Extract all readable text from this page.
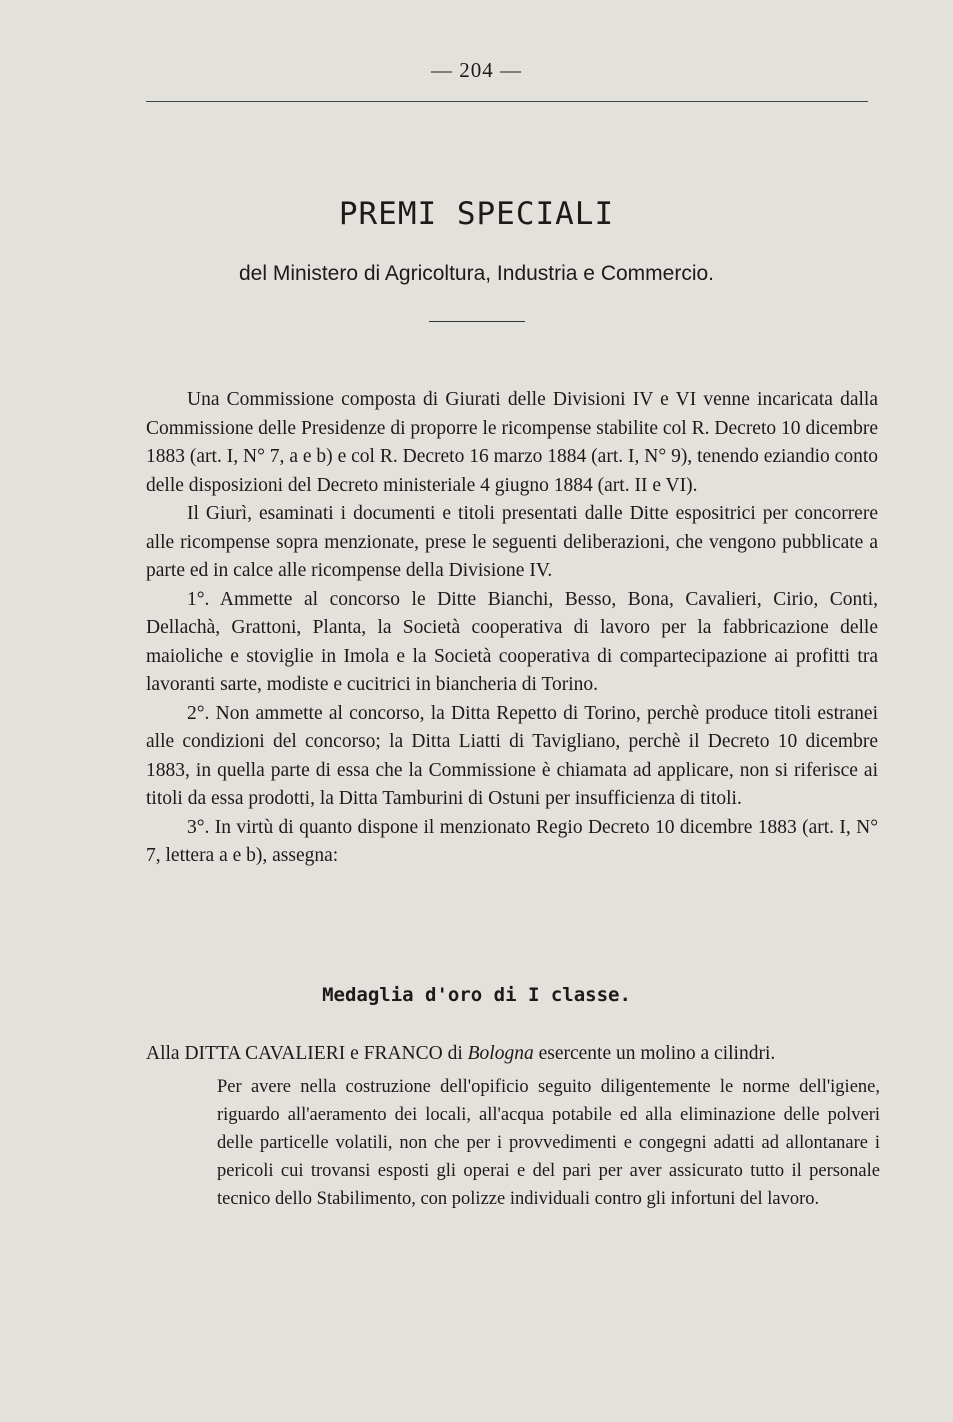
— 204 —
PREMI SPECIALI
del Ministero di Agricoltura, Industria e Commercio.

Una Commissione composta di Giurati delle Divisioni IV e VI venne incaricata dalla Commissione delle Presidenze di proporre le ricompense stabilite col R. Decreto 10 dicembre 1883 (art. I, N° 7, a e b) e col R. Decreto 16 marzo 1884 (art. I, N° 9), tenendo eziandio conto delle disposizioni del Decreto ministeriale 4 giugno 1884 (art. II e VI).

Il Giurì, esaminati i documenti e titoli presentati dalle Ditte espositrici per concorrere alle ricompense sopra menzionate, prese le seguenti deliberazioni, che vengono pubblicate a parte ed in calce alle ricompense della Divisione IV.

1°. Ammette al concorso le Ditte Bianchi, Besso, Bona, Cavalieri, Cirio, Conti, Dellachà, Grattoni, Planta, la Società cooperativa di lavoro per la fabbricazione delle maioliche e stoviglie in Imola e la Società cooperativa di compartecipazione ai profitti tra lavoranti sarte, modiste e cucitrici in biancheria di Torino.

2°. Non ammette al concorso, la Ditta Repetto di Torino, perchè produce titoli estranei alle condizioni del concorso; la Ditta Liatti di Tavigliano, perchè il Decreto 10 dicembre 1883, in quella parte di essa che la Commissione è chiamata ad applicare, non si riferisce ai titoli da essa prodotti, la Ditta Tamburini di Ostuni per insufficienza di titoli.

3°. In virtù di quanto dispone il menzionato Regio Decreto 10 dicembre 1883 (art. I, N° 7, lettera a e b), assegna:

Medaglia d'oro di I classe.

Alla DITTA CAVALIERI e FRANCO di Bologna esercente un molino a cilindri.

Per avere nella costruzione dell'opificio seguito diligentemente le norme dell'igiene, riguardo all'aeramento dei locali, all'acqua potabile ed alla eliminazione delle polveri delle particelle volatili, non che per i provvedimenti e congegni adatti ad allontanare i pericoli cui trovansi esposti gli operai e del pari per aver assicurato tutto il personale tecnico dello Stabilimento, con polizze individuali contro gli infortuni del lavoro.
